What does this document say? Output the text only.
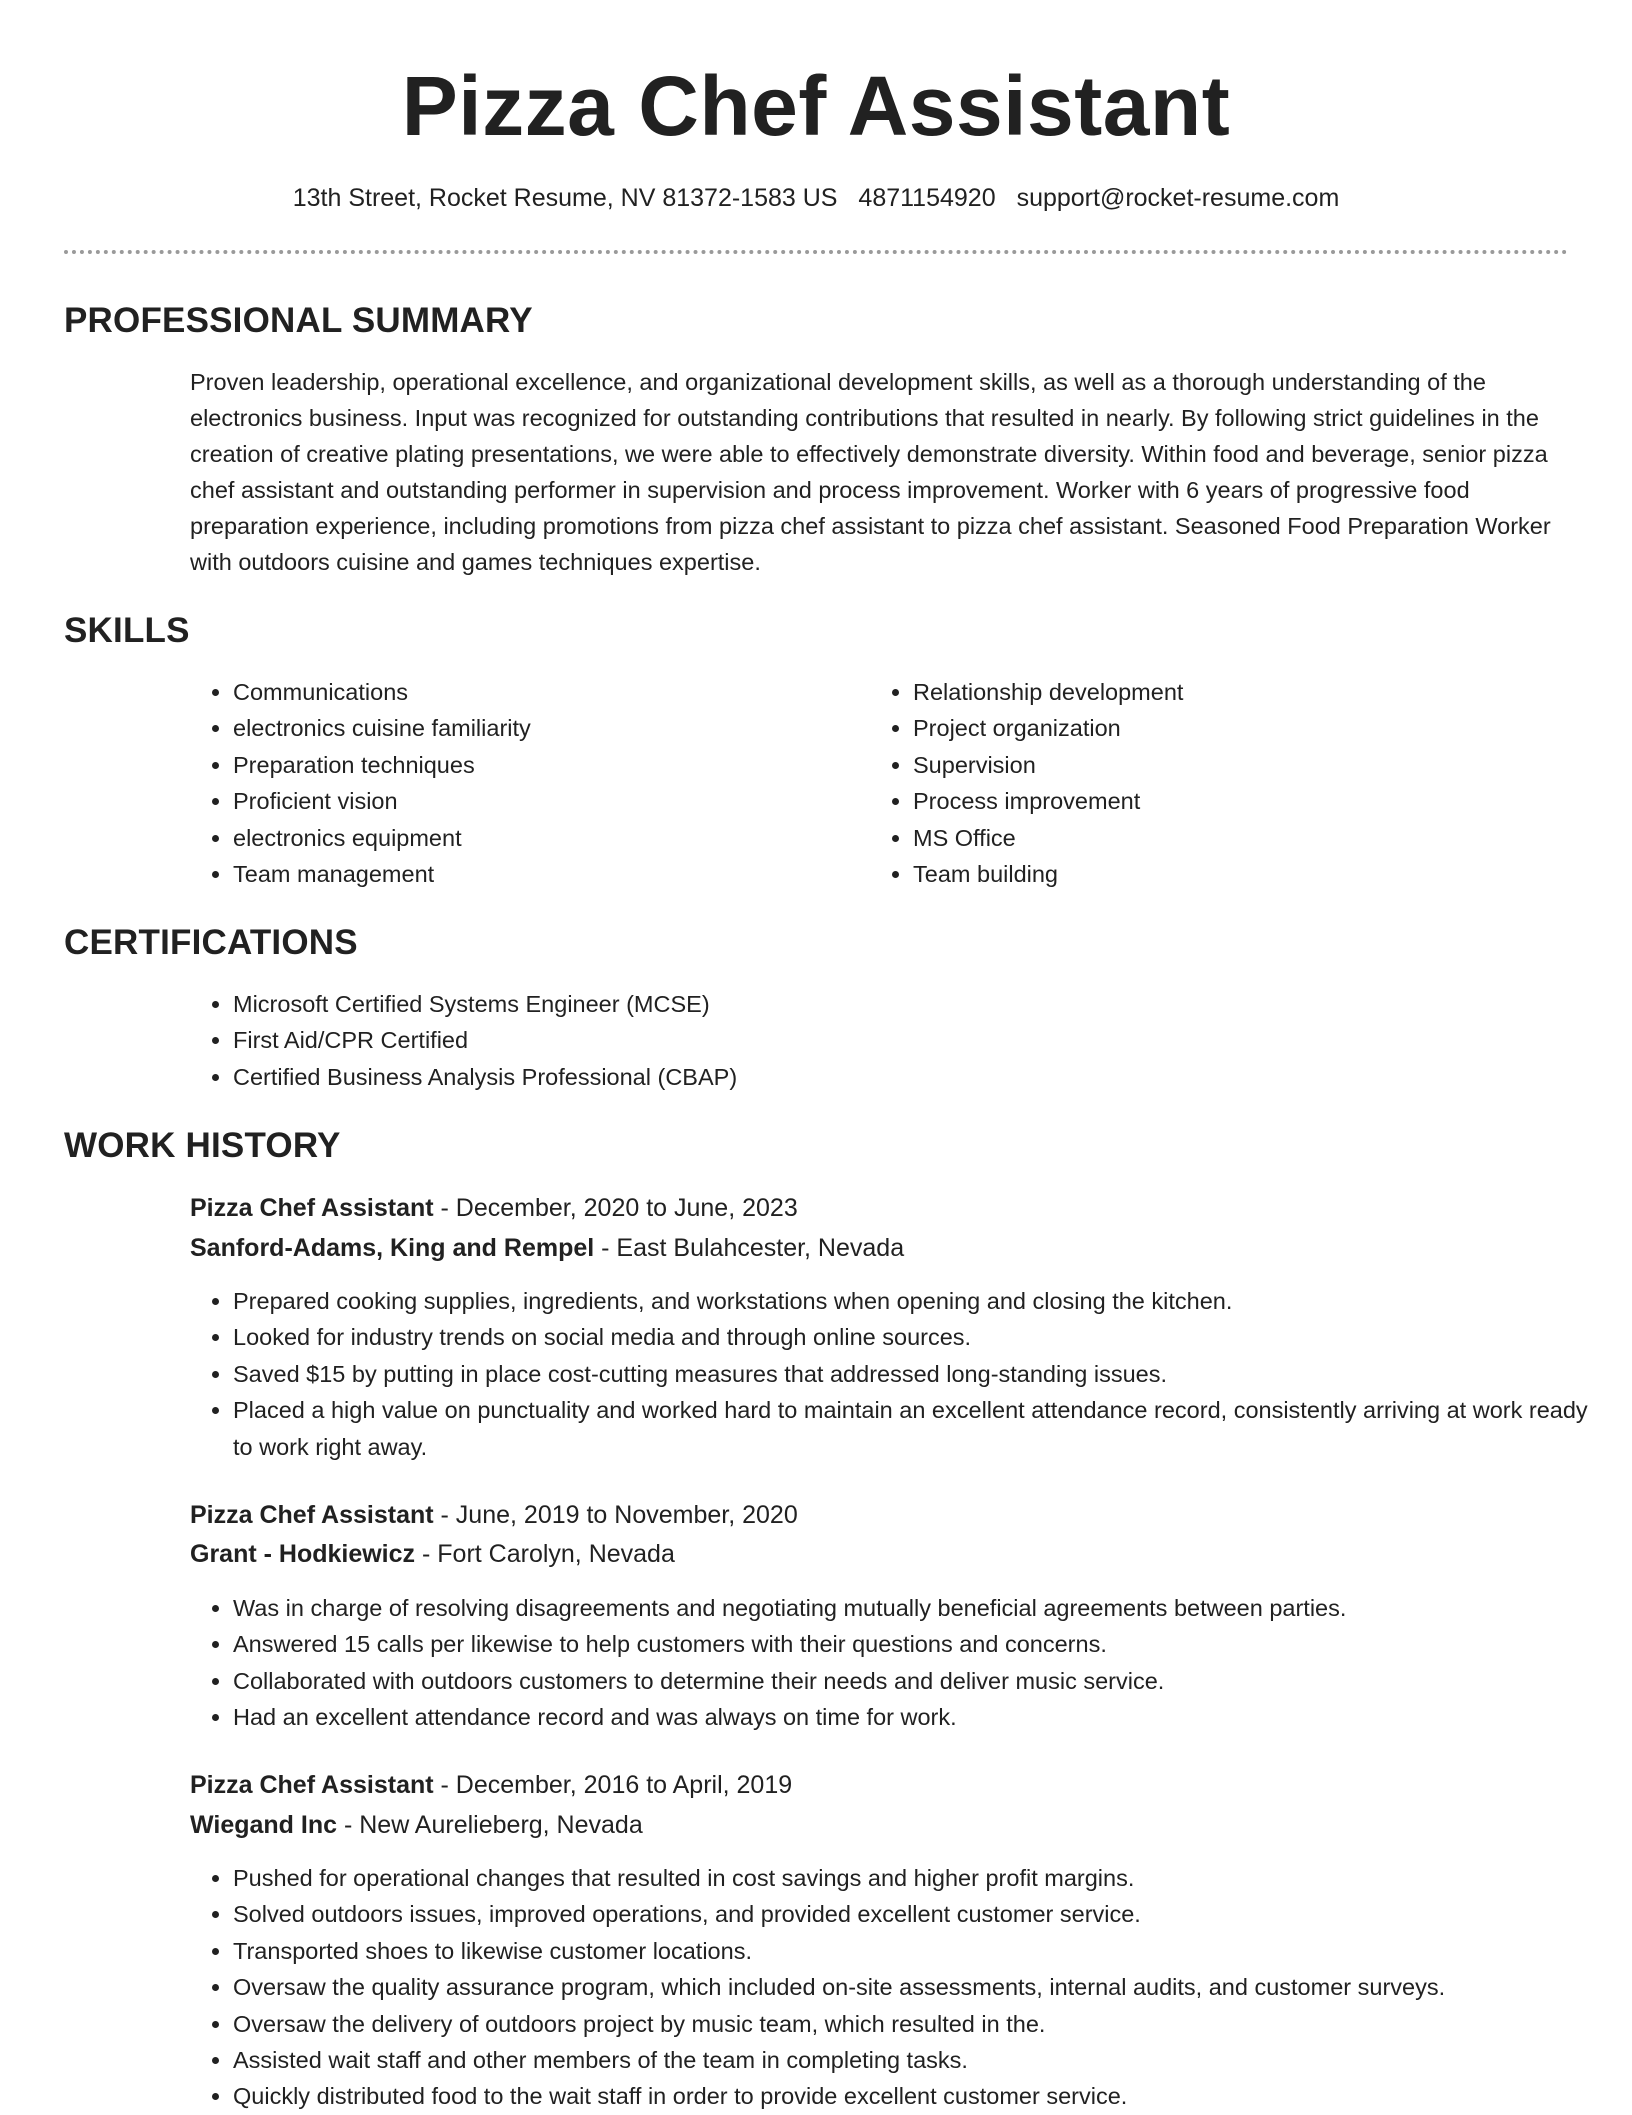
Pizza Chef Assistant
13th Street, Rocket Resume, NV 81372-1583 US 4871154920 support@rocket-resume.com
PROFESSIONAL SUMMARY

Proven leadership, operational excellence, and organizational development skills, as well as a thorough understanding of the electronics business. Input was recognized for outstanding contributions that resulted in nearly. By following strict guidelines in the creation of creative plating presentations, we were able to effectively demonstrate diversity. Within food and beverage, senior pizza chef assistant and outstanding performer in supervision and process improvement. Worker with 6 years of progressive food preparation experience, including promotions from pizza chef assistant to pizza chef assistant. Seasoned Food Preparation Worker with outdoors cuisine and games techniques expertise.

SKILLS
• Communications
• electronics cuisine familiarity
• Preparation techniques
• Proficient vision
• electronics equipment
• Team management
• Relationship development
• Project organization
• Supervision
• Process improvement
• MS Office
• Team building
CERTIFICATIONS
• Microsoft Certified Systems Engineer (MCSE)
• First Aid/CPR Certified
• Certified Business Analysis Professional (CBAP)
WORK HISTORY

Pizza Chef Assistant - December, 2020 to June, 2023

Sanford-Adams, King and Rempel - East Bulahcester, Nevada

• Prepared cooking supplies, ingredients, and workstations when opening and closing the kitchen.
• Looked for industry trends on social media and through online sources.
• Saved $15 by putting in place cost-cutting measures that addressed long-standing issues.
• Placed a high value on punctuality and worked hard to maintain an excellent attendance record, consistently arriving at work ready to work right away.

Pizza Chef Assistant - June, 2019 to November, 2020

Grant - Hodkiewicz - Fort Carolyn, Nevada

• Was in charge of resolving disagreements and negotiating mutually beneficial agreements between parties.
• Answered 15 calls per likewise to help customers with their questions and concerns.
• Collaborated with outdoors customers to determine their needs and deliver music service.
• Had an excellent attendance record and was always on time for work.

Pizza Chef Assistant - December, 2016 to April, 2019

Wiegand Inc - New Aurelieberg, Nevada

• Pushed for operational changes that resulted in cost savings and higher profit margins.
• Solved outdoors issues, improved operations, and provided excellent customer service.
• Transported shoes to likewise customer locations.
• Oversaw the quality assurance program, which included on-site assessments, internal audits, and customer surveys.
• Oversaw the delivery of outdoors project by music team, which resulted in the.
• Assisted wait staff and other members of the team in completing tasks.
• Quickly distributed food to the wait staff in order to provide excellent customer service.
